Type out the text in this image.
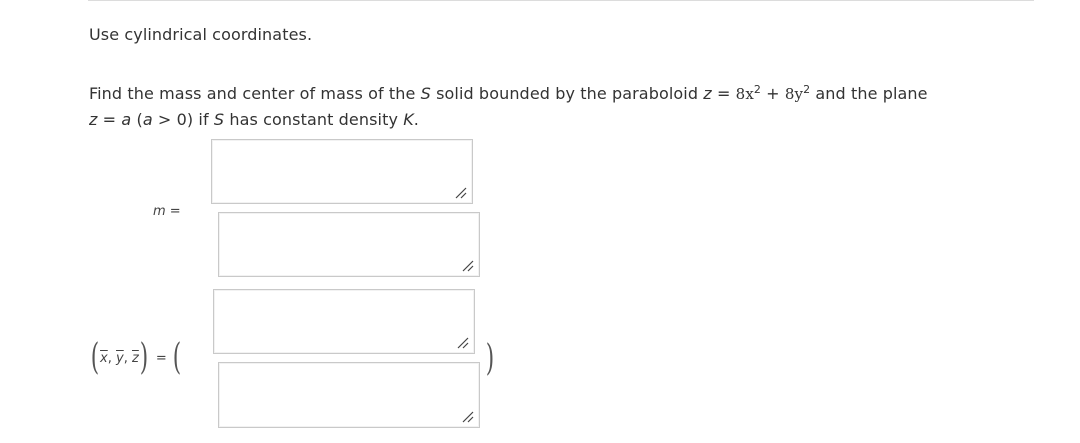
Use cylindrical coordinates.
Find the mass and center of mass of the S solid bounded by the paraboloid $z = 8x^2 + 8y^2$ and the plane
z = a (a > 0) if S has constant density K.
m =
( $\overline{x}$, $\overline{y}$, $\overline{z}$ ) = (	)
